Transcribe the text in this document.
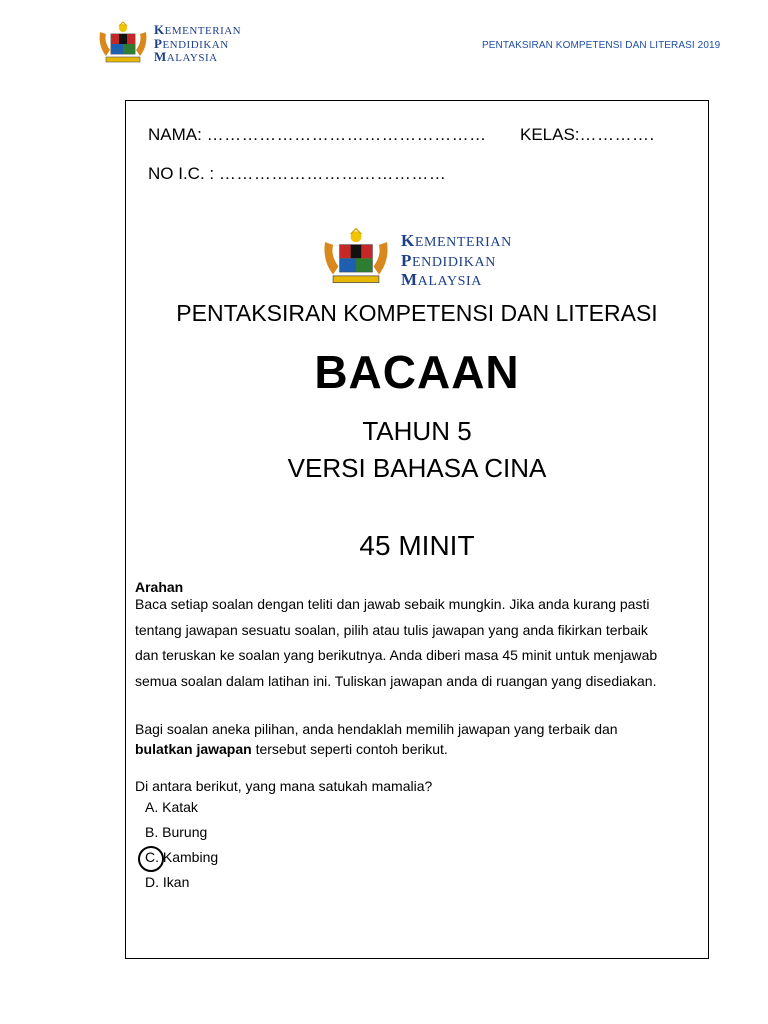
KEMENTERIAN
PENDIDIKAN
MALAYSIA
PENTAKSIRAN KOMPETENSI DAN LITERASI 2019
NAMA: ………………………………………… KELAS:………….
NO I.C. : …………………………………
KEMENTERIAN
PENDIDIKAN
MALAYSIA
PENTAKSIRAN KOMPETENSI DAN LITERASI
BACAAN
TAHUN 5
VERSI BAHASA CINA
45 MINIT
Arahan
Baca setiap soalan dengan teliti dan jawab sebaik mungkin. Jika anda kurang pasti
tentang jawapan sesuatu soalan, pilih atau tulis jawapan yang anda fikirkan terbaik
dan teruskan ke soalan yang berikutnya. Anda diberi masa 45 minit untuk menjawab
semua soalan dalam latihan ini. Tuliskan jawapan anda di ruangan yang disediakan.
Bagi soalan aneka pilihan, anda hendaklah memilih jawapan yang terbaik dan
bulatkan jawapan tersebut seperti contoh berikut.
Di antara berikut, yang mana satukah mamalia?
A. Katak
B. Burung
C. Kambing
D. Ikan
